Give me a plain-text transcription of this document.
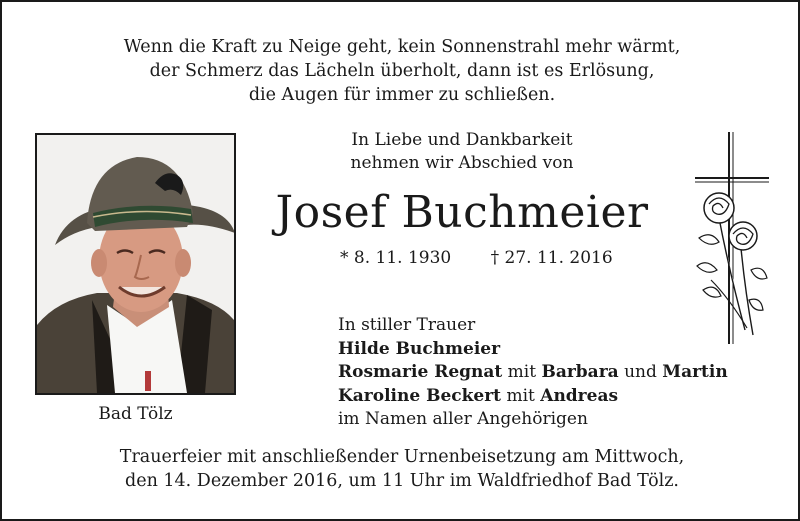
Wenn die Kraft zu Neige geht, kein Sonnenstrahl mehr wärmt,
der Schmerz das Lächeln überholt, dann ist es Erlösung,
die Augen für immer zu schließen.
Bad Tölz
In Liebe und Dankbarkeit
nehmen wir Abschied von
Josef Buchmeier
* 8. 11. 1930 † 27. 11. 2016
In stiller Trauer
Hilde Buchmeier
Rosmarie Regnat mit Barbara und Martin
Karoline Beckert mit Andreas
im Namen aller Angehörigen
Trauerfeier mit anschließender Urnenbeisetzung am Mittwoch,
den 14. Dezember 2016, um 11 Uhr im Waldfriedhof Bad Tölz.
